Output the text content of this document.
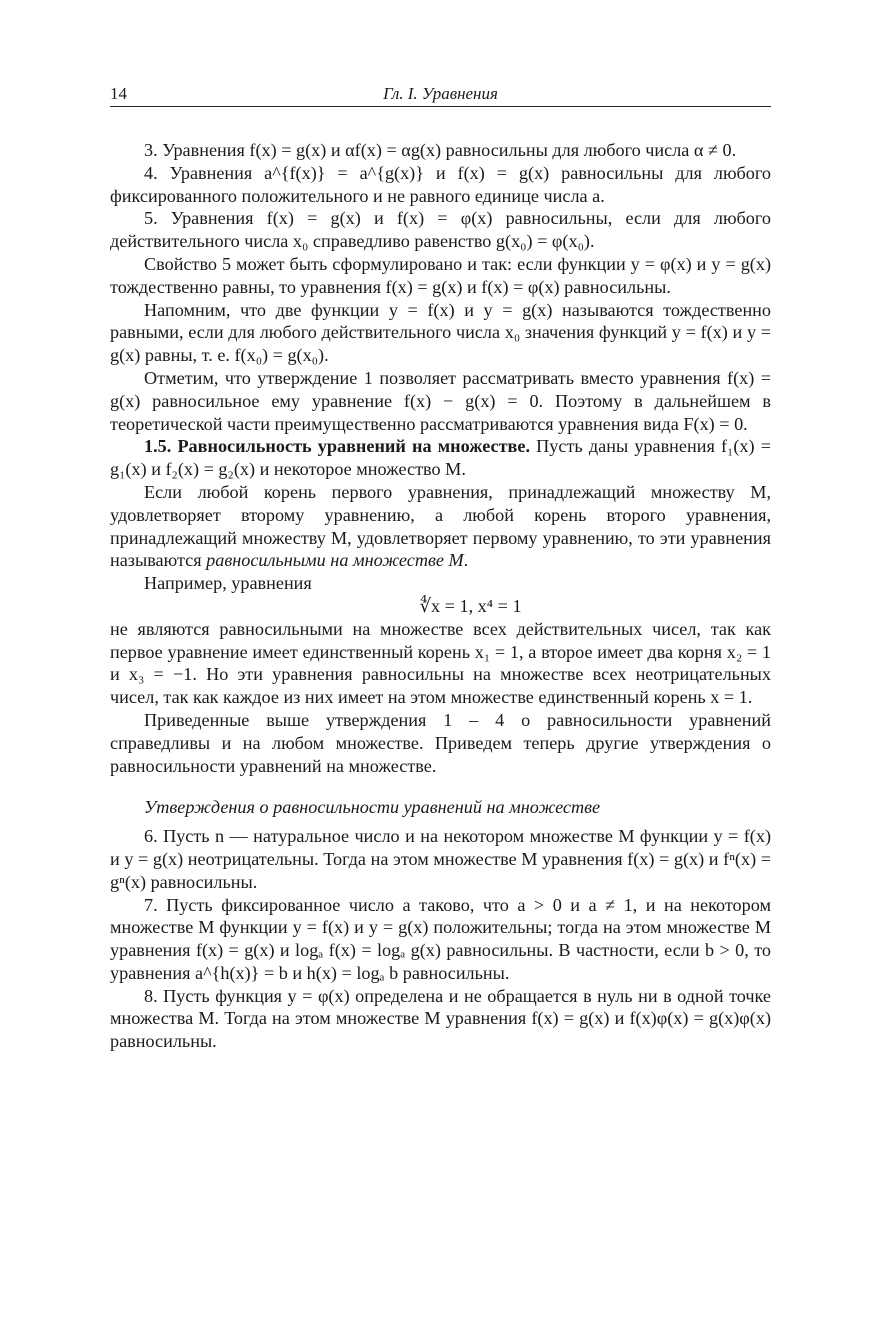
14	Гл. I. Уравнения

3. Уравнения f(x) = g(x) и αf(x) = αg(x) равносильны для любого числа α ≠ 0.

4. Уравнения a^{f(x)} = a^{g(x)} и f(x) = g(x) равносильны для любого фиксированного положительного и не равного единице числа a.

5. Уравнения f(x) = g(x) и f(x) = φ(x) равносильны, если для любого действительного числа x₀ справедливо равенство g(x₀) = φ(x₀).

Свойство 5 может быть сформулировано и так: если функции y = φ(x) и y = g(x) тождественно равны, то уравнения f(x) = g(x) и f(x) = φ(x) равносильны.

Напомним, что две функции y = f(x) и y = g(x) называются тождественно равными, если для любого действительного числа x₀ значения функций y = f(x) и y = g(x) равны, т. е. f(x₀) = g(x₀).

Отметим, что утверждение 1 позволяет рассматривать вместо уравнения f(x) = g(x) равносильное ему уравнение f(x) − g(x) = 0. Поэтому в дальнейшем в теоретической части преимущественно рассматриваются уравнения вида F(x) = 0.

1.5. Равносильность уравнений на множестве. Пусть даны уравнения f₁(x) = g₁(x) и f₂(x) = g₂(x) и некоторое множество M.

Если любой корень первого уравнения, принадлежащий множеству M, удовлетворяет второму уравнению, а любой корень второго уравнения, принадлежащий множеству M, удовлетворяет первому уравнению, то эти уравнения называются равносильными на множестве M.

Например, уравнения

∜x = 1, x⁴ = 1

не являются равносильными на множестве всех действительных чисел, так как первое уравнение имеет единственный корень x₁ = 1, а второе имеет два корня x₂ = 1 и x₃ = −1. Но эти уравнения равносильны на множестве всех неотрицательных чисел, так как каждое из них имеет на этом множестве единственный корень x = 1.

Приведенные выше утверждения 1 – 4 о равносильности уравнений справедливы и на любом множестве. Приведем теперь другие утверждения о равносильности уравнений на множестве.

Утверждения о равносильности уравнений на множестве

6. Пусть n — натуральное число и на некотором множестве M функции y = f(x) и y = g(x) неотрицательны. Тогда на этом множестве M уравнения f(x) = g(x) и fⁿ(x) = gⁿ(x) равносильны.

7. Пусть фиксированное число a таково, что a > 0 и a ≠ 1, и на некотором множестве M функции y = f(x) и y = g(x) положительны; тогда на этом множестве M уравнения f(x) = g(x) и logₐ f(x) = logₐ g(x) равносильны. В частности, если b > 0, то уравнения a^{h(x)} = b и h(x) = logₐ b равносильны.

8. Пусть функция y = φ(x) определена и не обращается в нуль ни в одной точке множества M. Тогда на этом множестве M уравнения f(x) = g(x) и f(x)φ(x) = g(x)φ(x) равносильны.
